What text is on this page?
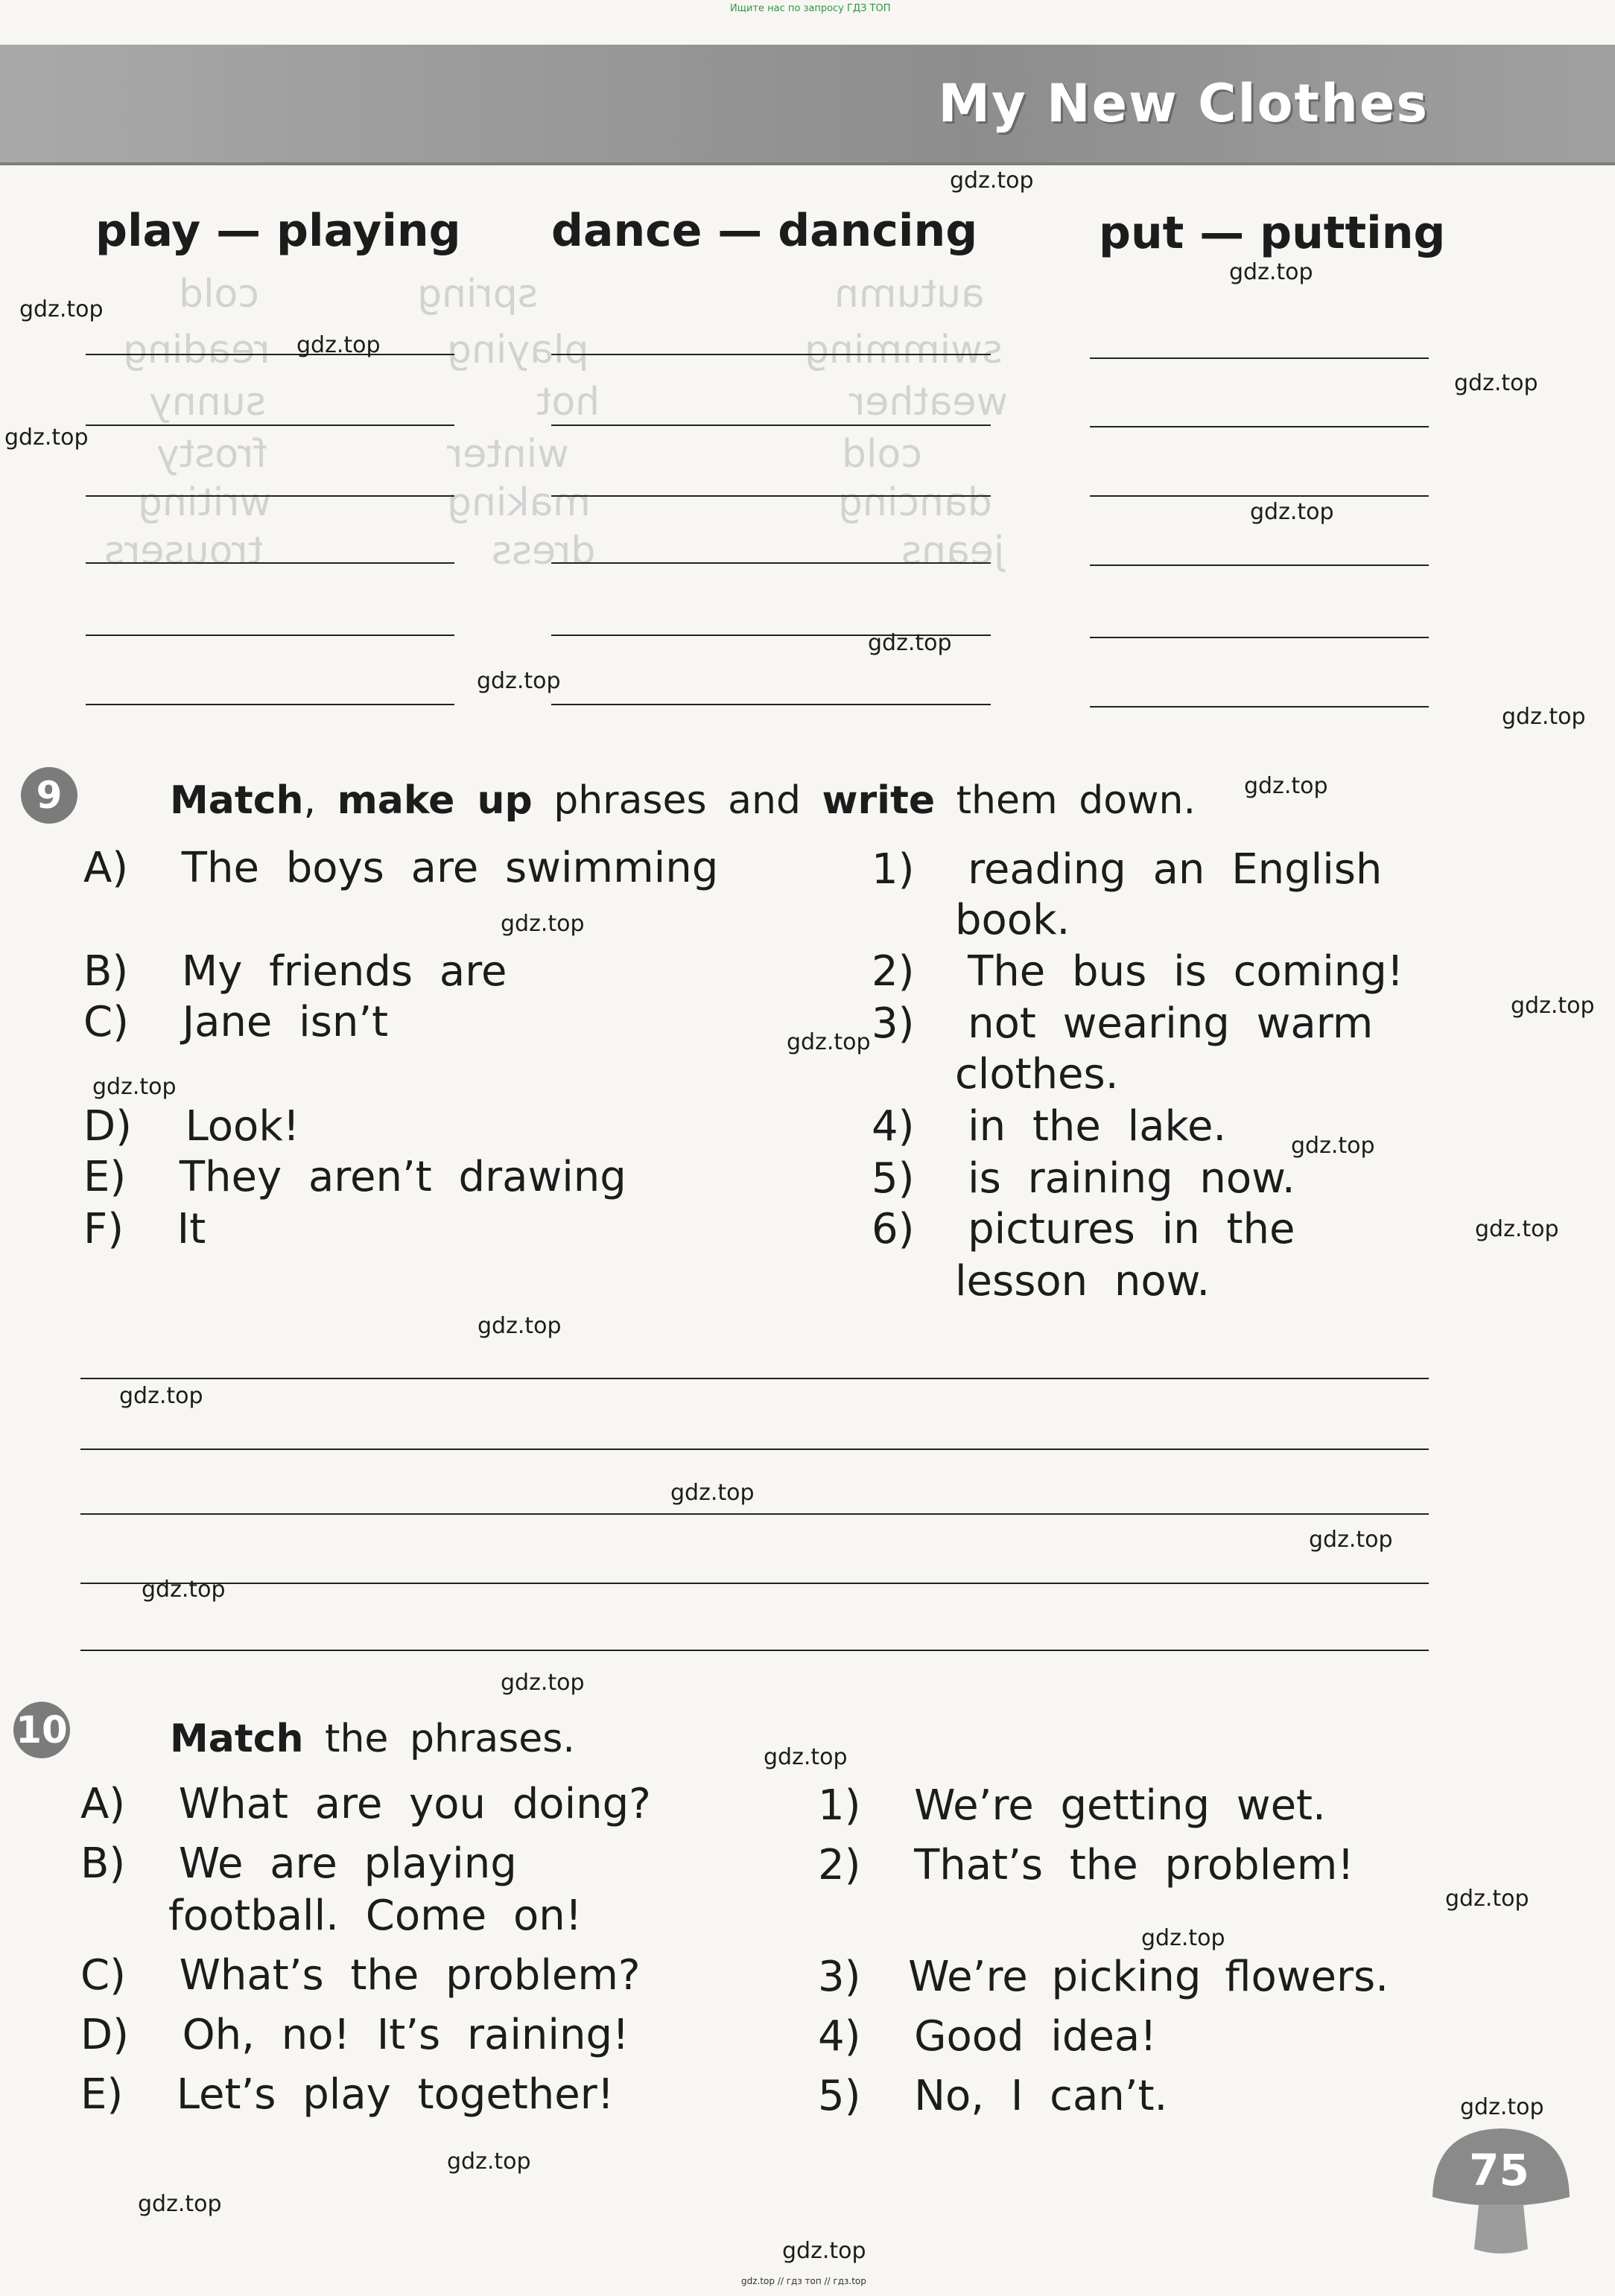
Ищите нас по запросу ГДЗ ТОП
My New Clothes
autumn
spring
cold
swimming
playing
reading
weather
hot
sunny
cold
winter
frosty
dancing
making
writing
jeans
dress
trousers
play — playing dance — dancing	put — putting
9	Match, make up phrases and write them down.
A) The boys are swimming
B) My friends are
C) Jane isn’t
D) Look!
E) They aren’t drawing
F) It
1) reading an English
book.
2) The bus is coming!
3) not wearing warm
clothes.
4) in the lake.
5) is raining now.
6) pictures in the
lesson now.
10	Match the phrases.
A) What are you doing?
B) We are playing
football. Come on!
C) What’s the problem?
D) Oh, no! It’s raining!
E) Let’s play together!
1) We’re getting wet.
2) That’s the problem!
3) We’re picking flowers.
4) Good idea!
5) No, I can’t.
75
gdz.top
gdz.top
gdz.top
gdz.top
gdz.top
gdz.top
gdz.top
gdz.top
gdz.top
gdz.top
gdz.top
gdz.top
gdz.top
gdz.top
gdz.top
gdz.top
gdz.top
gdz.top
gdz.top
gdz.top
gdz.top
gdz.top
gdz.top
gdz.top
gdz.top
gdz.top
gdz.top
gdz.top
gdz.top
gdz.top
gdz.top // гдз топ // гдз.top
